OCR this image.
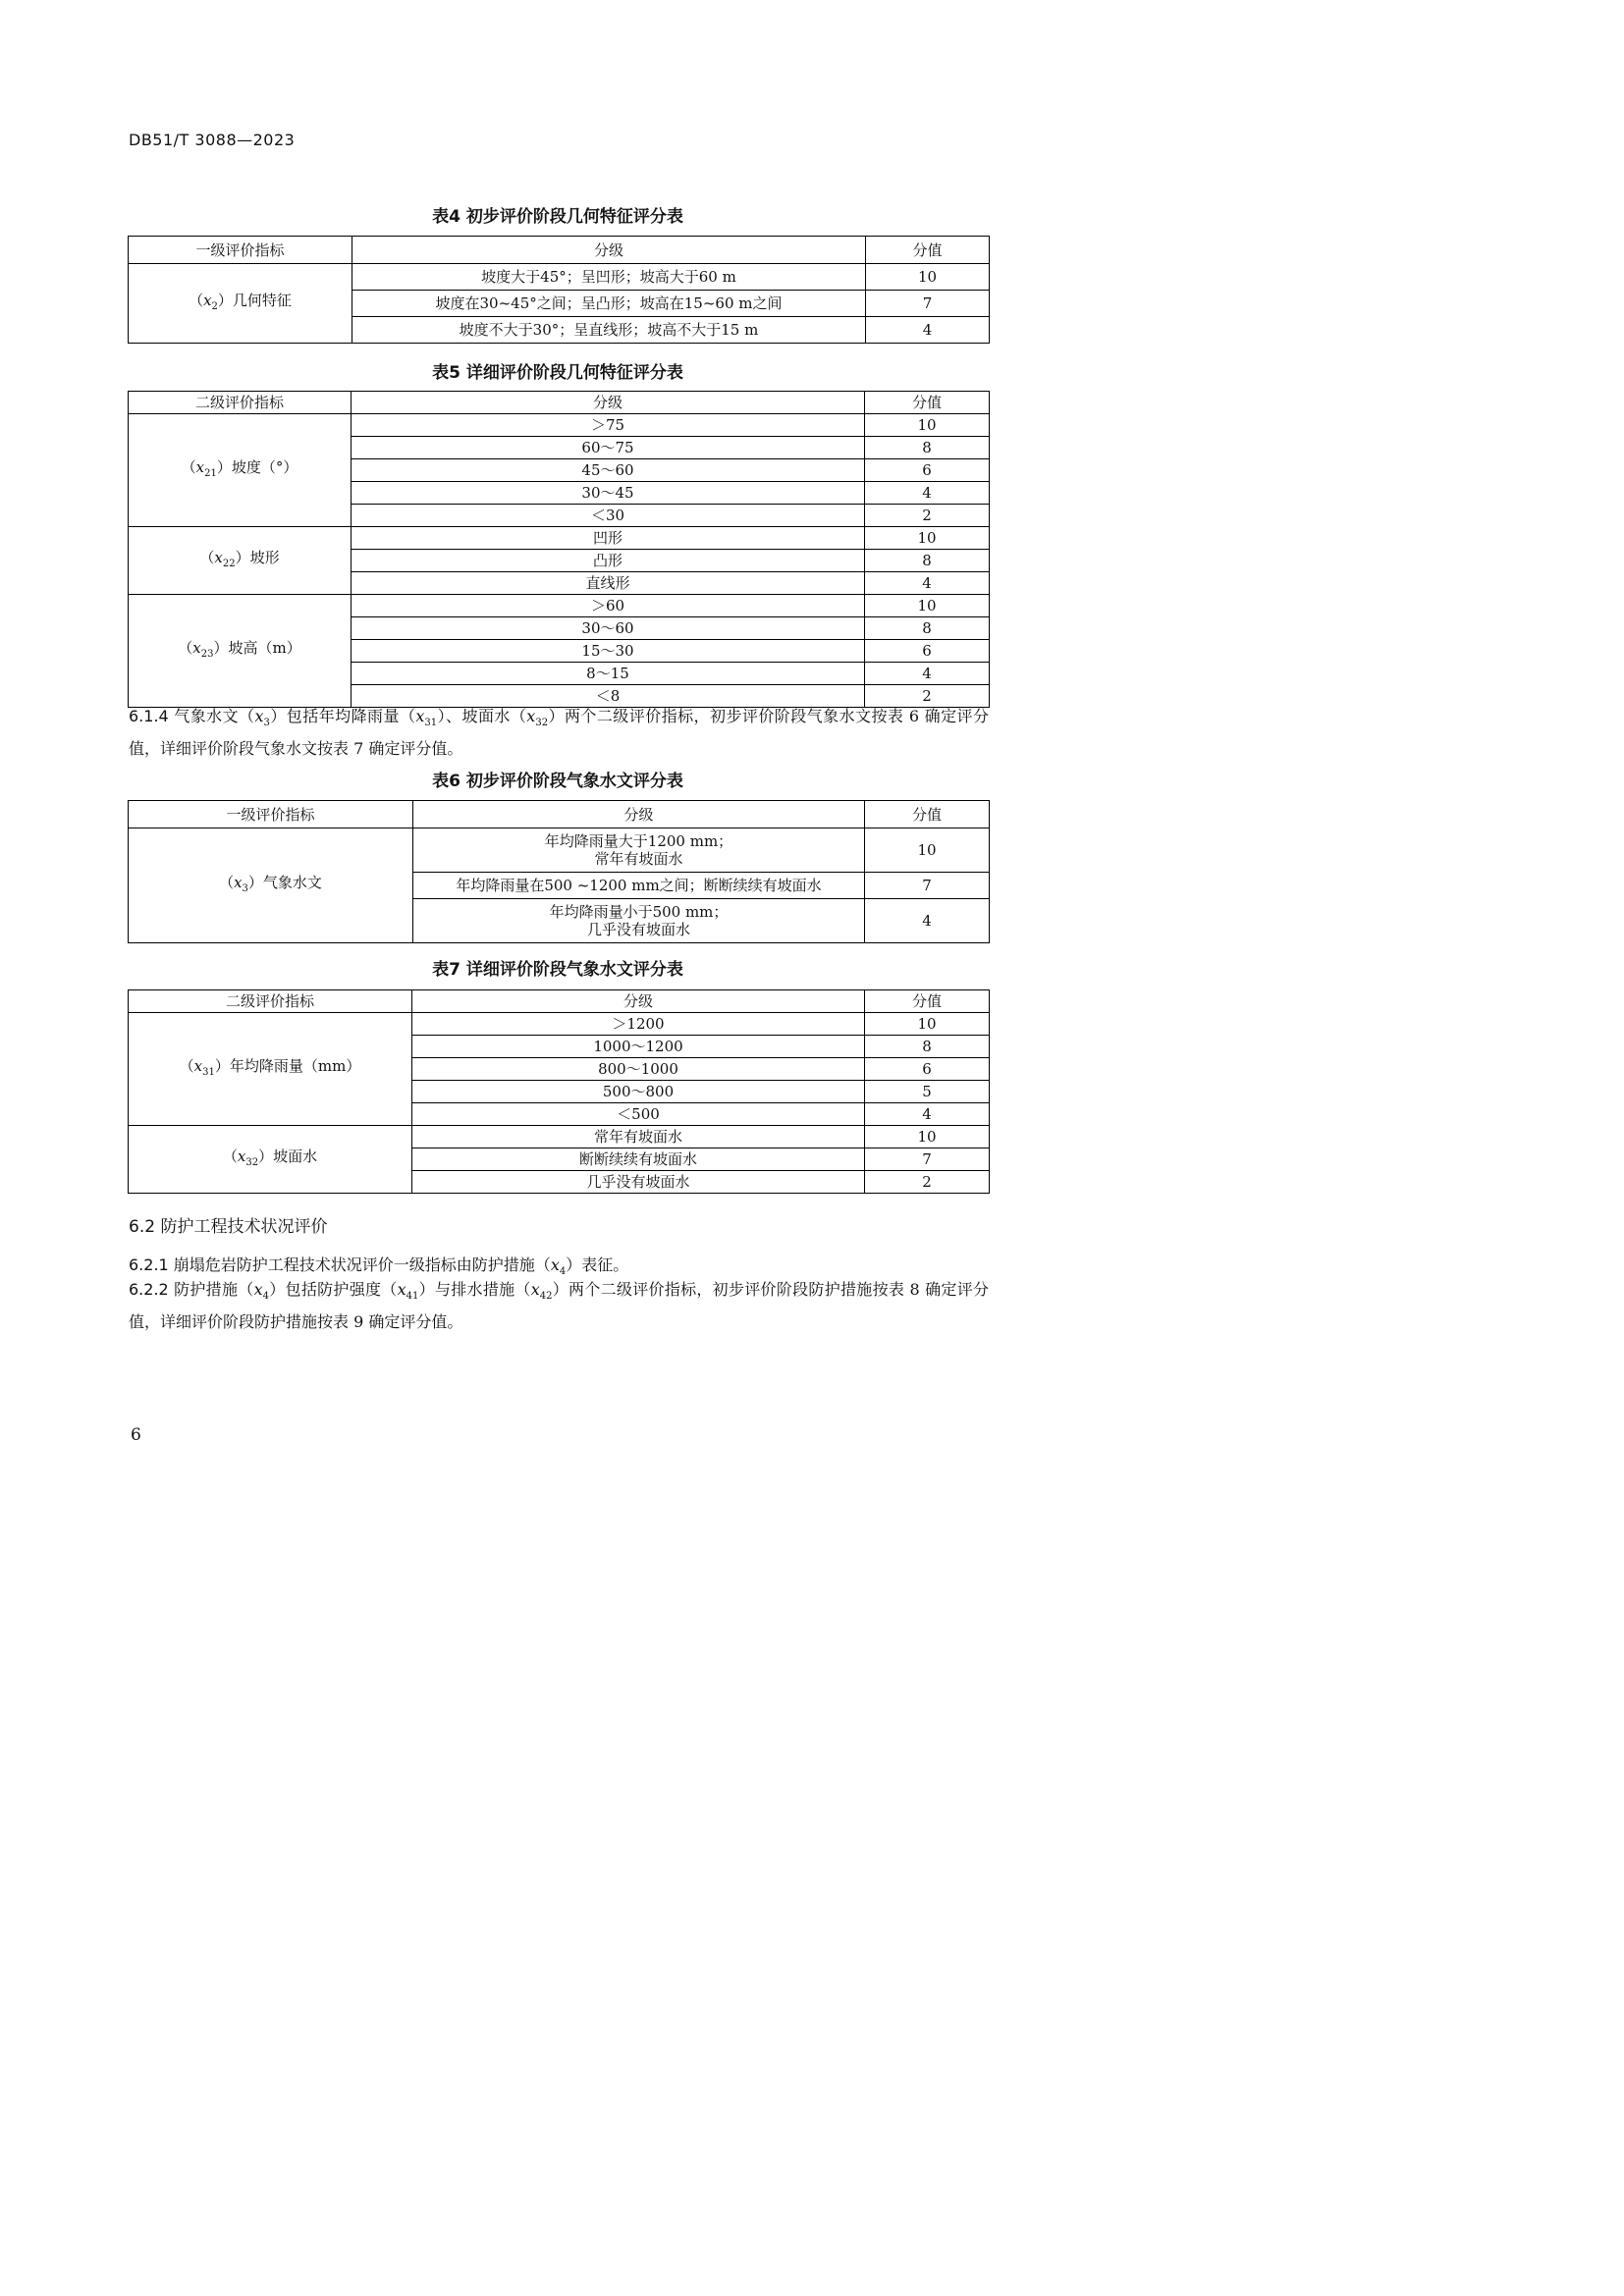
DB51/T 3088—2023
表4 初步评价阶段几何特征评分表
一级评价指标	分级	分值
$(x_2)$几何特征	坡度大于45°；呈凹形；坡高大于60 m	10
	坡度在30~45°之间；呈凸形；坡高在15~60 m之间	7
	坡度不大于30°；呈直线形；坡高不大于15 m	4
表5 详细评价阶段几何特征评分表
二级评价指标	分级	分值
$(x_{21})$坡度（°）	＞75	10
	60～75	8
	45～60	6
	30～45	4
	＜30	2
$(x_{22})$坡形	凹形	10
	凸形	8
	直线形	4
$(x_{23})$坡高（m）	＞60	10
	30～60	8
	15～30	6
	8～15	4
	＜8	2
6.1.4 气象水文$(x_3)$包括年均降雨量$(x_{31})$、坡面水$(x_{32})$两个二级评价指标，初步评价阶段气象水文按表 6 确定评分值，详细评价阶段气象水文按表 7 确定评分值。
表6 初步评价阶段气象水文评分表
一级评价指标	分级	分值
$(x_3)$气象水文	年均降雨量大于1200 mm；
常年有坡面水	10
	年均降雨量在500 ~1200 mm之间；断断续续有坡面水	7

	年均降雨量小于500 mm；
几乎没有坡面水	4
表7 详细评价阶段气象水文评分表
二级评价指标	分级	分值
$(x_{31})$年均降雨量（mm）	＞1200	10
	1000～1200	8
	800～1000	6
	500～800	5
	＜500	4
$(x_{32})$坡面水	常年有坡面水	10
	断断续续有坡面水	7
	几乎没有坡面水	2
6.2 防护工程技术状况评价
6.2.1 崩塌危岩防护工程技术状况评价一级指标由防护措施$(x_4)$表征。
6.2.2 防护措施$(x_4)$包括防护强度$(x_{41})$与排水措施$(x_{42})$两个二级评价指标，初步评价阶段防护措施按表 8 确定评分值，详细评价阶段防护措施按表 9 确定评分值。
6
